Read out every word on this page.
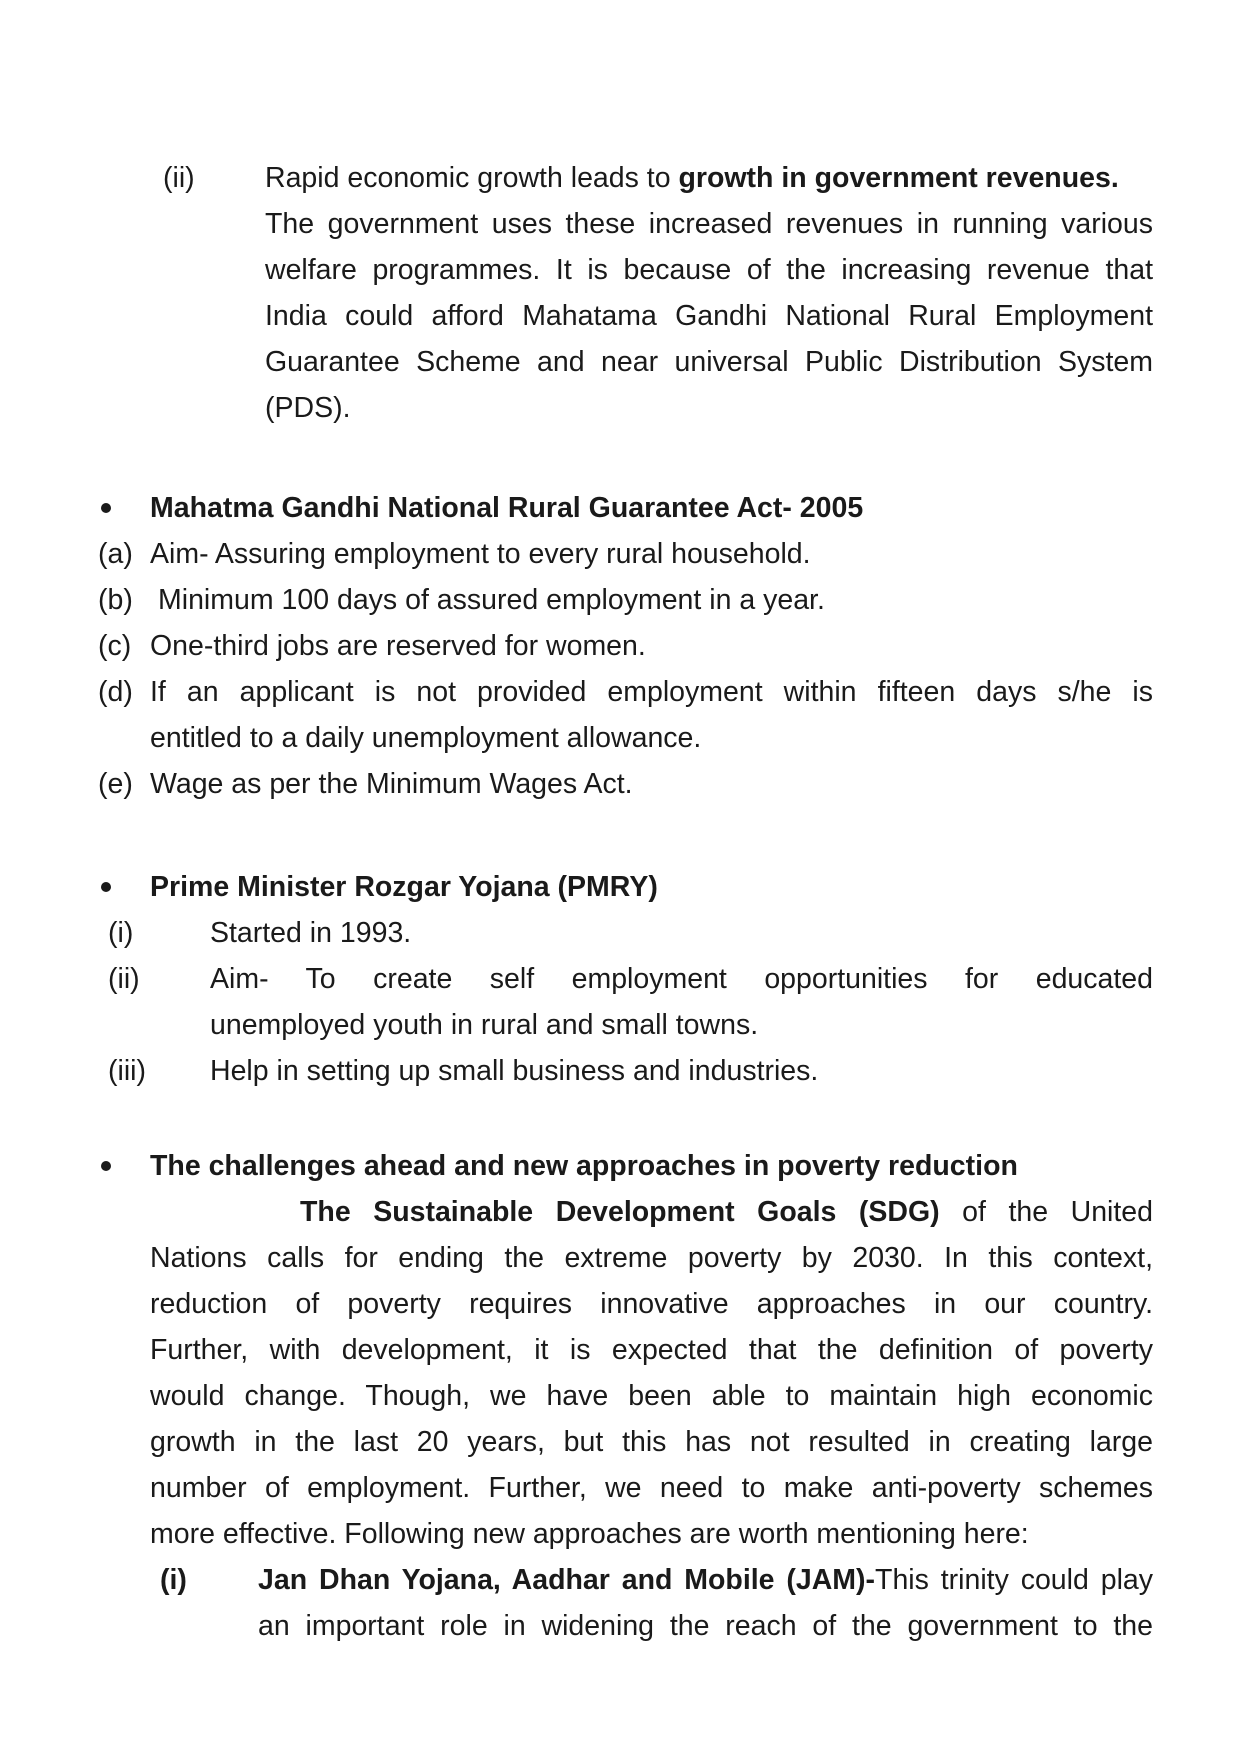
(ii) Rapid economic growth leads to growth in government revenues.
The government uses these increased revenues in running various
welfare programmes. It is because of the increasing revenue that
India could afford Mahatama Gandhi National Rural Employment
Guarantee Scheme and near universal Public Distribution System
(PDS).
Mahatma Gandhi National Rural Guarantee Act- 2005
(a) Aim- Assuring employment to every rural household.
(b) Minimum 100 days of assured employment in a year.
(c) One-third jobs are reserved for women.
(d) If an applicant is not provided employment within fifteen days s/he is
entitled to a daily unemployment allowance.
(e) Wage as per the Minimum Wages Act.
Prime Minister Rozgar Yojana (PMRY)
(i)	Started in 1993.
(ii) Aim- To create self employment opportunities for educated
unemployed youth in rural and small towns.
(iii) Help in setting up small business and industries.
The challenges ahead and new approaches in poverty reduction
The Sustainable Development Goals (SDG) of the United
Nations calls for ending the extreme poverty by 2030. In this context,
reduction of poverty requires innovative approaches in our country.
Further, with development, it is expected that the definition of poverty
would change. Though, we have been able to maintain high economic
growth in the last 20 years, but this has not resulted in creating large
number of employment. Further, we need to make anti-poverty schemes
more effective. Following new approaches are worth mentioning here:
(i) Jan Dhan Yojana, Aadhar and Mobile (JAM)-This trinity could play
an important role in widening the reach of the government to the
